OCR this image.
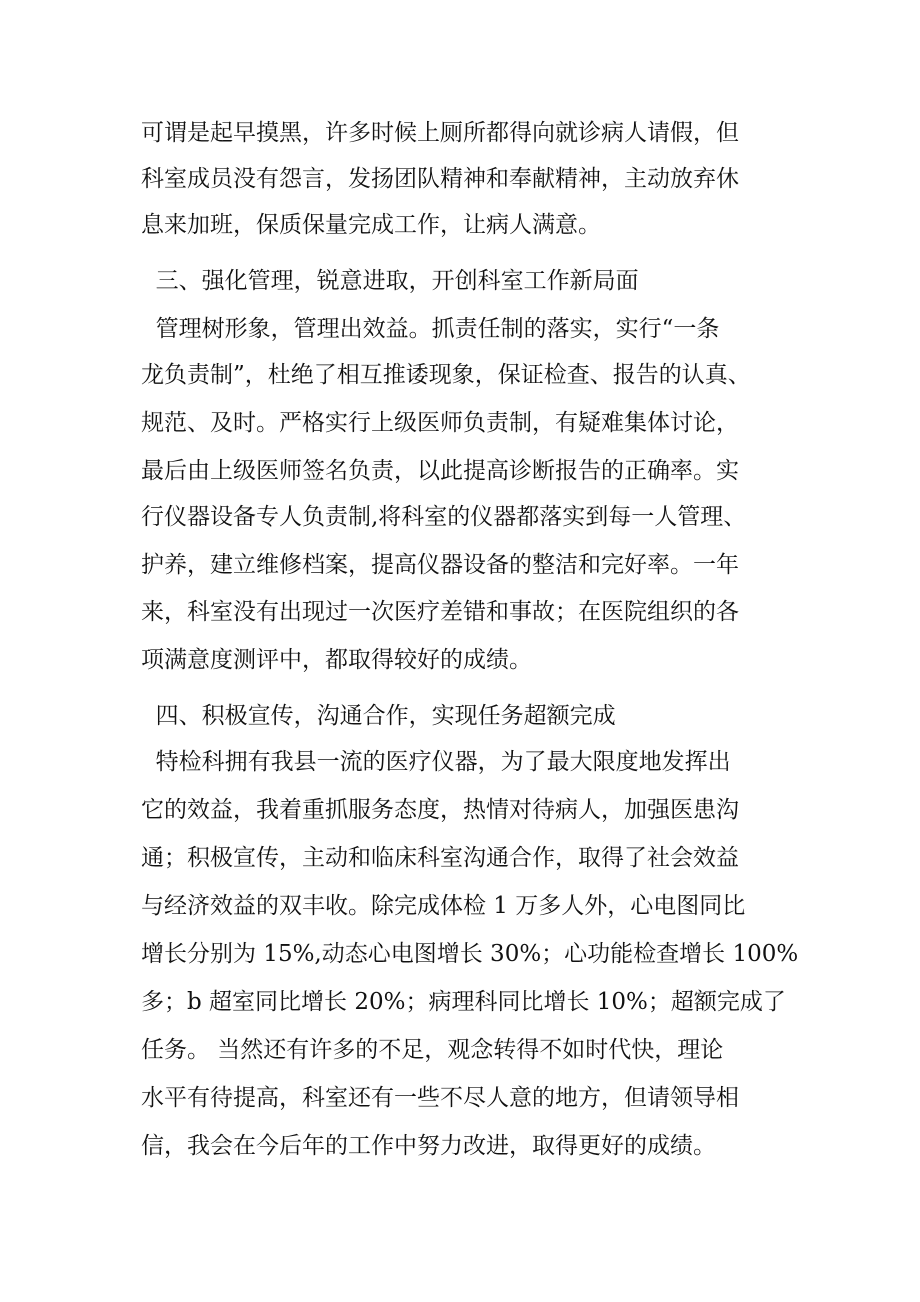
可谓是起早摸黑，许多时候上厕所都得向就诊病人请假，但
科室成员没有怨言，发扬团队精神和奉献精神，主动放弃休
息来加班，保质保量完成工作，让病人满意。
三、强化管理，锐意进取，开创科室工作新局面
管理树形象，管理出效益。抓责任制的落实，实行“一条
龙负责制”，杜绝了相互推诿现象，保证检查、报告的认真、
规范、及时。严格实行上级医师负责制，有疑难集体讨论，
最后由上级医师签名负责，以此提高诊断报告的正确率。实
行仪器设备专人负责制,将科室的仪器都落实到每一人管理、
护养，建立维修档案，提高仪器设备的整洁和完好率。一年
来，科室没有出现过一次医疗差错和事故；在医院组织的各
项满意度测评中，都取得较好的成绩。
四、积极宣传，沟通合作，实现任务超额完成
特检科拥有我县一流的医疗仪器，为了最大限度地发挥出
它的效益，我着重抓服务态度，热情对待病人，加强医患沟
通；积极宣传，主动和临床科室沟通合作，取得了社会效益
与经济效益的双丰收。除完成体检 1 万多人外，心电图同比
增长分别为 15%,动态心电图增长 30%；心功能检查增长 100%
多；b 超室同比增长 20%；病理科同比增长 10%；超额完成了
任务。 当然还有许多的不足，观念转得不如时代快，理论
水平有待提高，科室还有一些不尽人意的地方，但请领导相
信，我会在今后年的工作中努力改进，取得更好的成绩。
